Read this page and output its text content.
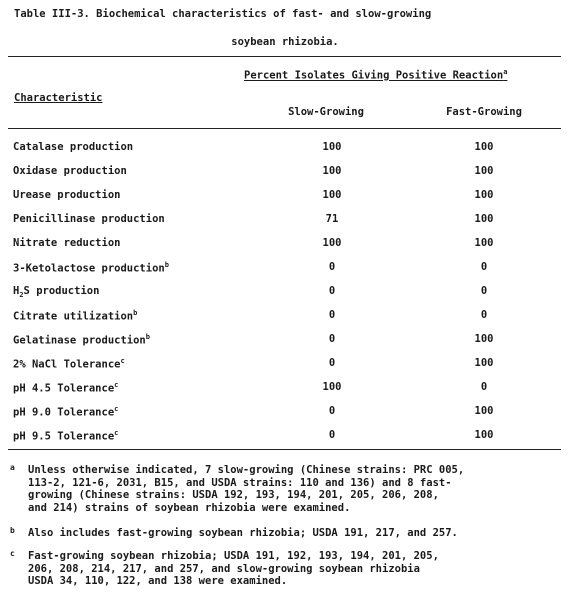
Table III-3. Biochemical characteristics of fast- and slow-growing
soybean rhizobia.
Percent Isolates Giving Positive Reaction$^a$
Characteristic
Slow-Growing	Fast-Growing
Catalase production	100	100
Oxidase production	100	100
Urease production	100	100
Penicillinase production	71	100
Nitrate reduction	100	100
3-Ketolactose production$^b$	0	0
$H_2S$ production	0	0
Citrate utilization$^b$	0	0
Gelatinase production$^b$	0	100
2% NaCl Tolerance$^c$	0	100
pH 4.5 Tolerance$^c$	100	0
pH 9.0 Tolerance$^c$	0	100
pH 9.5 Tolerance$^c$	0	100
a Unless otherwise indicated, 7 slow-growing (Chinese strains: PRC 005,
113-2, 121-6, 2031, B15, and USDA strains: 110 and 136) and 8 fast-
growing (Chinese strains: USDA 192, 193, 194, 201, 205, 206, 208,
and 214) strains of soybean rhizobia were examined.
b Also includes fast-growing soybean rhizobia; USDA 191, 217, and 257.
c Fast-growing soybean rhizobia; USDA 191, 192, 193, 194, 201, 205,
206, 208, 214, 217, and 257, and slow-growing soybean rhizobia
USDA 34, 110, 122, and 138 were examined.
